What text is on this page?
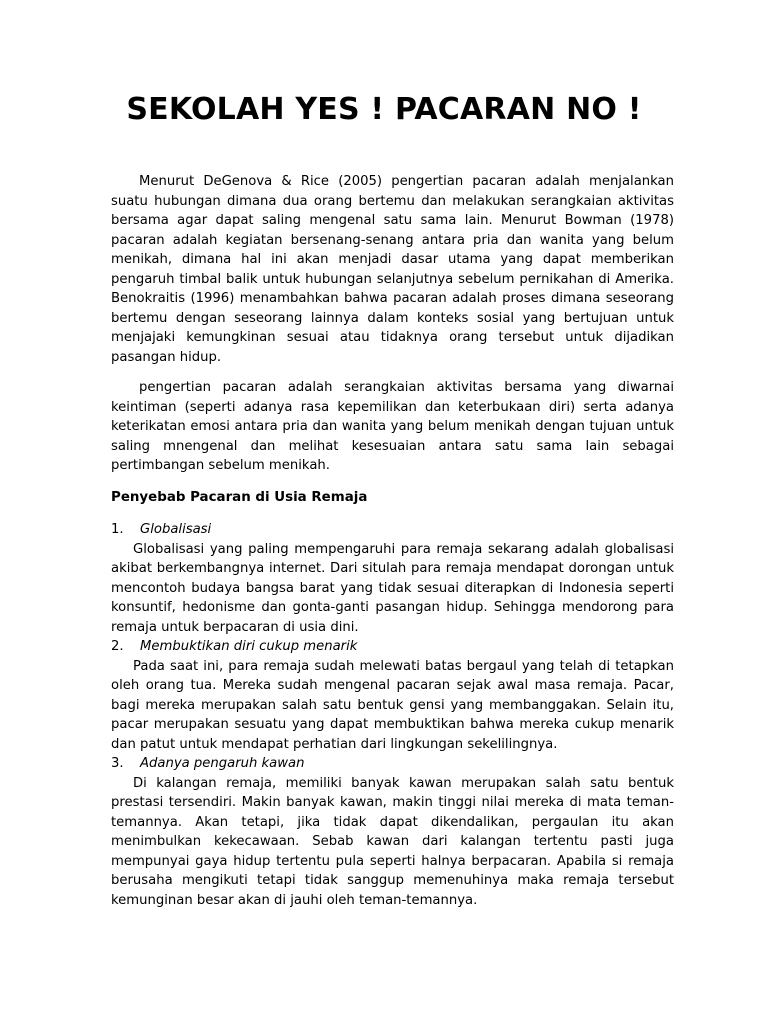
SEKOLAH YES ! PACARAN NO !

Menurut DeGenova & Rice (2005) pengertian pacaran adalah menjalankan suatu hubungan dimana dua orang bertemu dan melakukan serangkaian aktivitas bersama agar dapat saling mengenal satu sama lain. Menurut Bowman (1978) pacaran adalah kegiatan bersenang-senang antara pria dan wanita yang belum menikah, dimana hal ini akan menjadi dasar utama yang dapat memberikan pengaruh timbal balik untuk hubungan selanjutnya sebelum pernikahan di Amerika. Benokraitis (1996) menambahkan bahwa pacaran adalah proses dimana seseorang bertemu dengan seseorang lainnya dalam konteks sosial yang bertujuan untuk menjajaki kemungkinan sesuai atau tidaknya orang tersebut untuk dijadikan pasangan hidup.

pengertian pacaran adalah serangkaian aktivitas bersama yang diwarnai keintiman (seperti adanya rasa kepemilikan dan keterbukaan diri) serta adanya keterikatan emosi antara pria dan wanita yang belum menikah dengan tujuan untuk saling mnengenal dan melihat kesesuaian antara satu sama lain sebagai pertimbangan sebelum menikah.

Penyebab Pacaran di Usia Remaja

1. Globalisasi

Globalisasi yang paling mempengaruhi para remaja sekarang adalah globalisasi akibat berkembangnya internet. Dari situlah para remaja mendapat dorongan untuk mencontoh budaya bangsa barat yang tidak sesuai diterapkan di Indonesia seperti konsuntif, hedonisme dan gonta-ganti pasangan hidup. Sehingga mendorong para remaja untuk berpacaran di usia dini.

2. Membuktikan diri cukup menarik

Pada saat ini, para remaja sudah melewati batas bergaul yang telah di tetapkan oleh orang tua. Mereka sudah mengenal pacaran sejak awal masa remaja. Pacar, bagi mereka merupakan salah satu bentuk gensi yang membanggakan. Selain itu, pacar merupakan sesuatu yang dapat membuktikan bahwa mereka cukup menarik dan patut untuk mendapat perhatian dari lingkungan sekelilingnya.

3. Adanya pengaruh kawan

Di kalangan remaja, memiliki banyak kawan merupakan salah satu bentuk prestasi tersendiri. Makin banyak kawan, makin tinggi nilai mereka di mata teman-temannya. Akan tetapi, jika tidak dapat dikendalikan, pergaulan itu akan menimbulkan kekecawaan. Sebab kawan dari kalangan tertentu pasti juga mempunyai gaya hidup tertentu pula seperti halnya berpacaran. Apabila si remaja berusaha mengikuti tetapi tidak sanggup memenuhinya maka remaja tersebut kemunginan besar akan di jauhi oleh teman-temannya.
